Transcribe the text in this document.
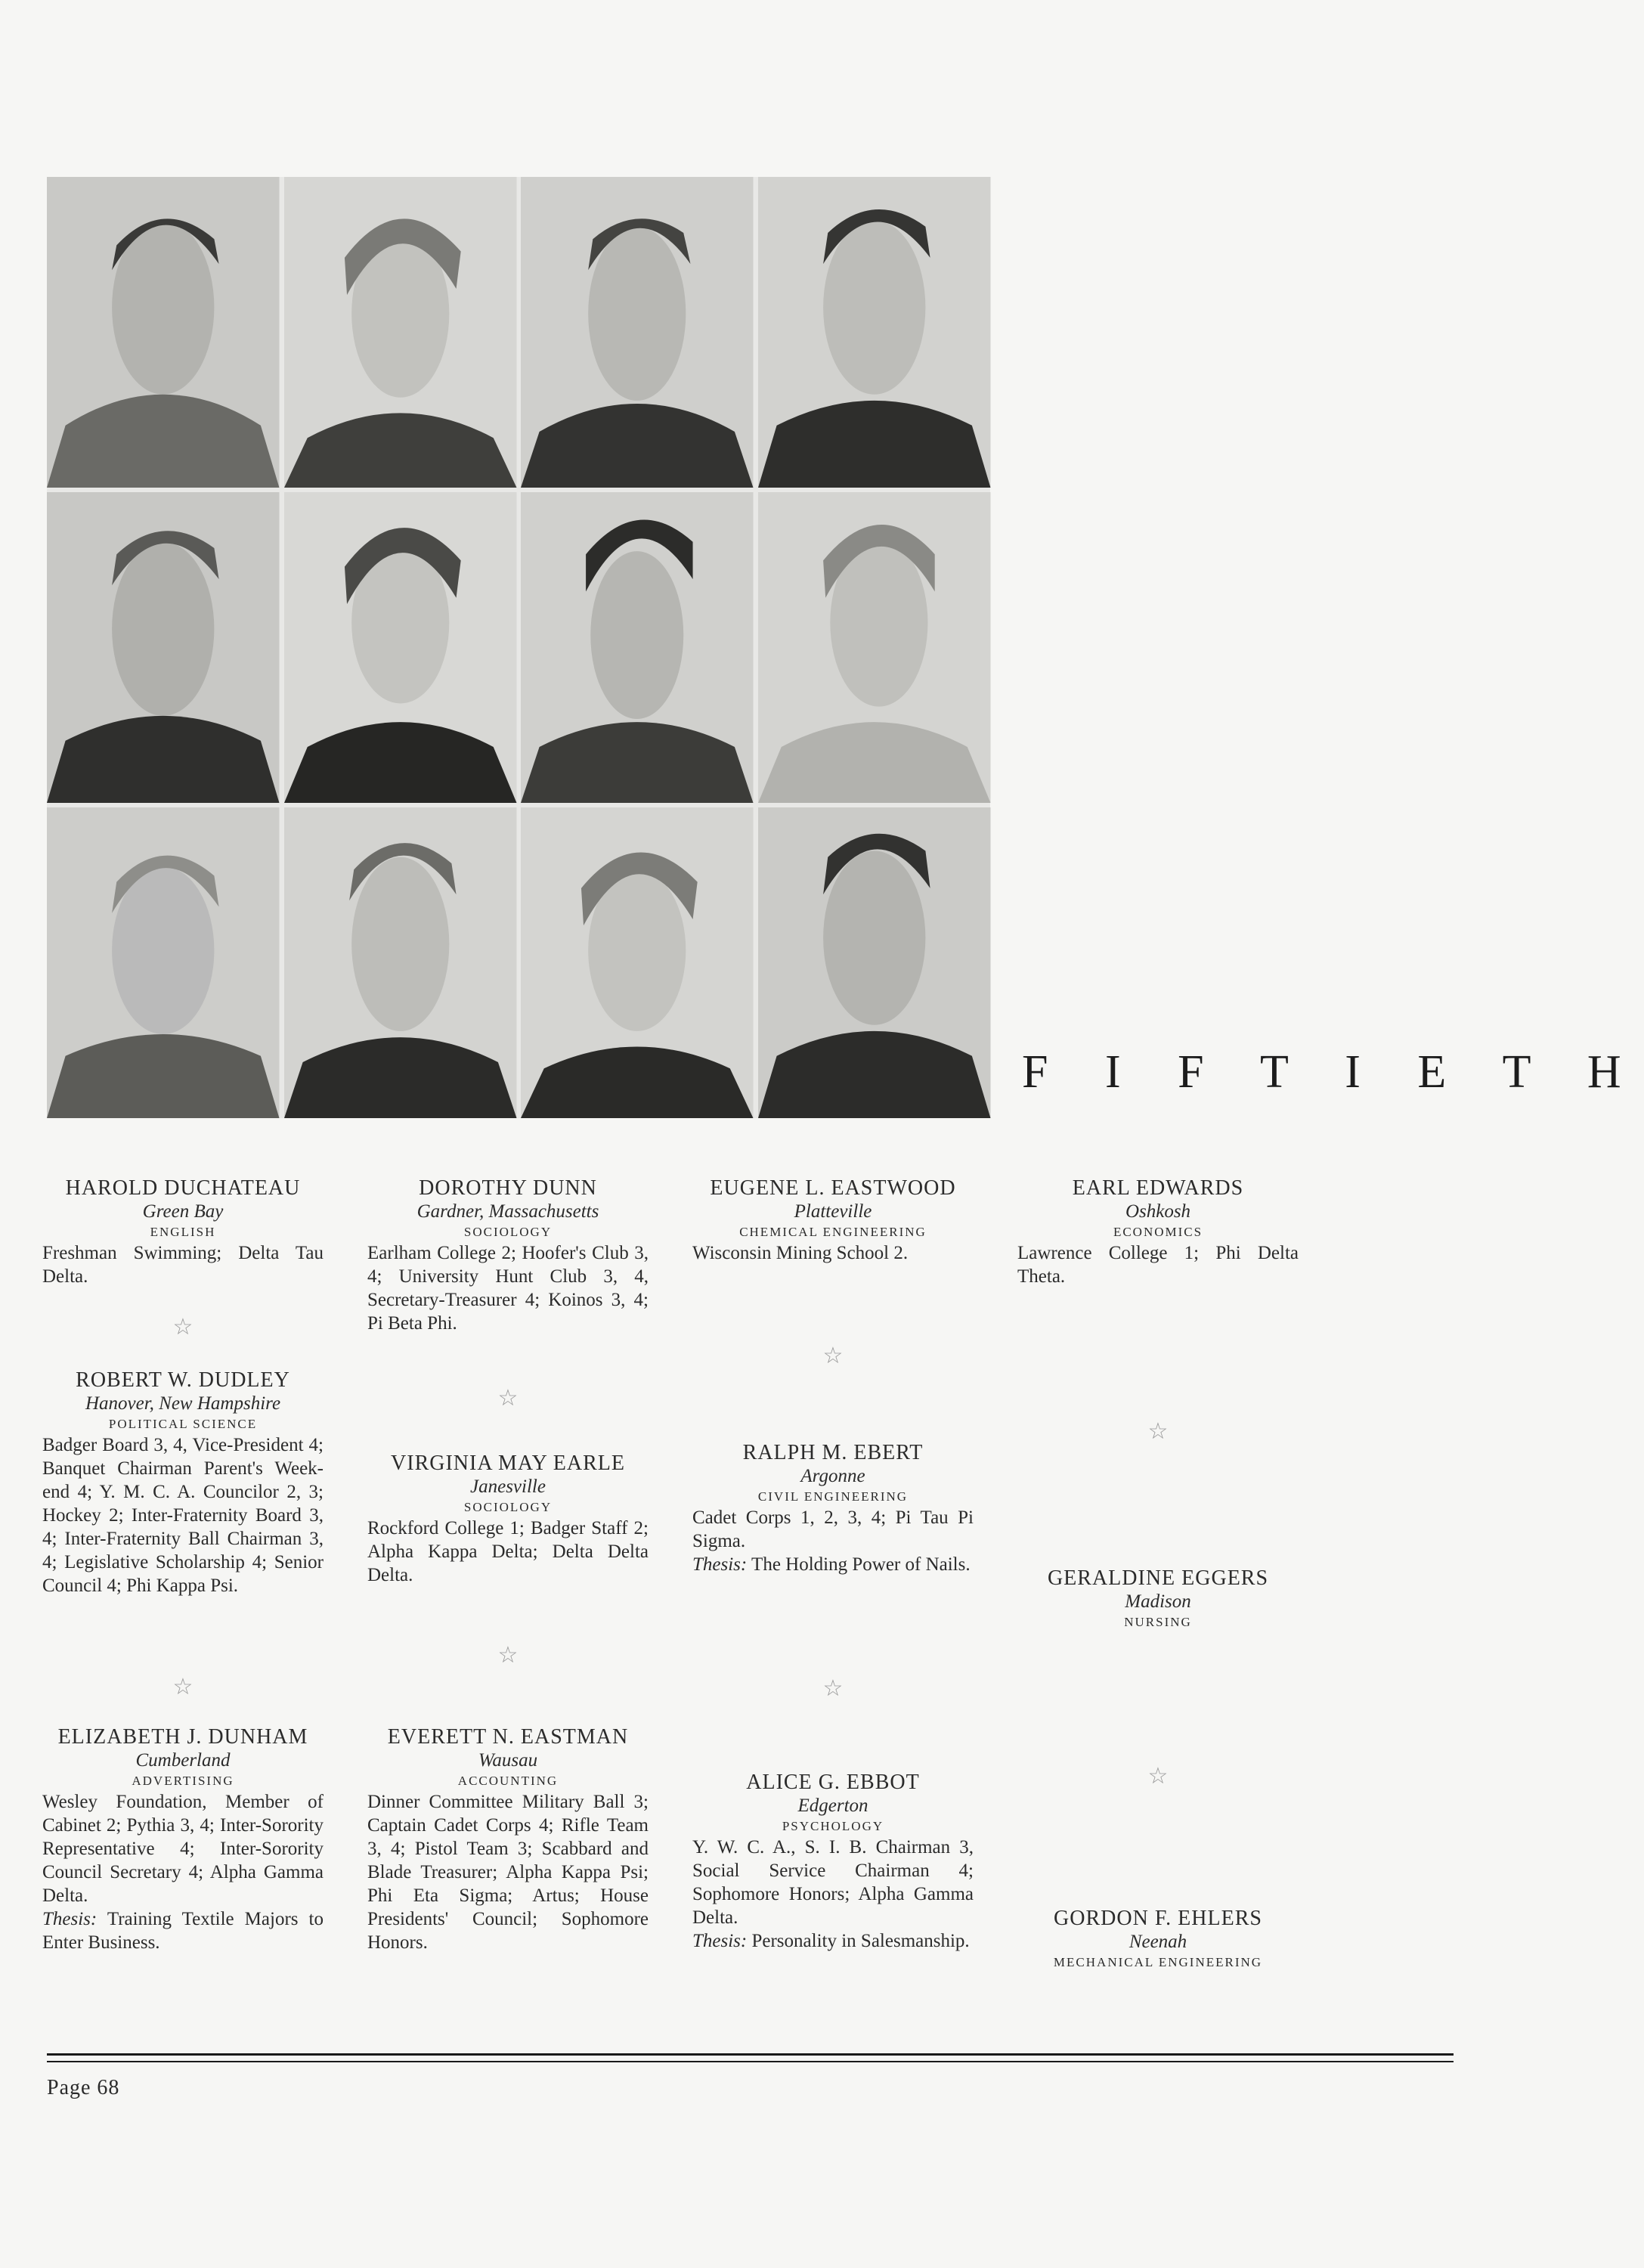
F I F T I E T H
HAROLD DUCHATEAU
Green Bay
ENGLISH
Freshman Swimming; Delta Tau Delta.
☆
ROBERT W. DUDLEY
Hanover, New Hampshire
POLITICAL SCIENCE
Badger Board 3, 4, Vice-President 4; Banquet Chairman Parent's Week-end 4; Y. M. C. A. Councilor 2, 3; Hockey 2; Inter-Fraternity Board 3, 4; Inter-Fraternity Ball Chairman 3, 4; Legislative Scholarship 4; Senior Council 4; Phi Kappa Psi.
☆
ELIZABETH J. DUNHAM
Cumberland
ADVERTISING
Wesley Foundation, Member of Cabinet 2; Pythia 3, 4; Inter-Sorority Representative 4; Inter-Sorority Council Secretary 4; Alpha Gamma Delta.
Thesis: Training Textile Majors to Enter Business.
DOROTHY DUNN
Gardner, Massachusetts
SOCIOLOGY
Earlham College 2; Hoofer's Club 3, 4; University Hunt Club 3, 4, Secretary-Treasurer 4; Koinos 3, 4; Pi Beta Phi.
☆
VIRGINIA MAY EARLE
Janesville
SOCIOLOGY
Rockford College 1; Badger Staff 2; Alpha Kappa Delta; Delta Delta Delta.
☆
EVERETT N. EASTMAN
Wausau
ACCOUNTING
Dinner Committee Military Ball 3; Captain Cadet Corps 4; Rifle Team 3, 4; Pistol Team 3; Scabbard and Blade Treasurer; Alpha Kappa Psi; Phi Eta Sigma; Artus; House Presidents' Council; Sophomore Honors.
EUGENE L. EASTWOOD
Platteville
CHEMICAL ENGINEERING
Wisconsin Mining School 2.
☆
RALPH M. EBERT
Argonne
CIVIL ENGINEERING
Cadet Corps 1, 2, 3, 4; Pi Tau Pi Sigma.
Thesis: The Holding Power of Nails.
☆
ALICE G. EBBOT
Edgerton
PSYCHOLOGY
Y. W. C. A., S. I. B. Chairman 3, Social Service Chairman 4; Sophomore Honors; Alpha Gamma Delta.
Thesis: Personality in Salesmanship.
EARL EDWARDS
Oshkosh
ECONOMICS
Lawrence College 1; Phi Delta Theta.
☆
GERALDINE EGGERS
Madison
NURSING
☆
GORDON F. EHLERS
Neenah
MECHANICAL ENGINEERING
Page 68
